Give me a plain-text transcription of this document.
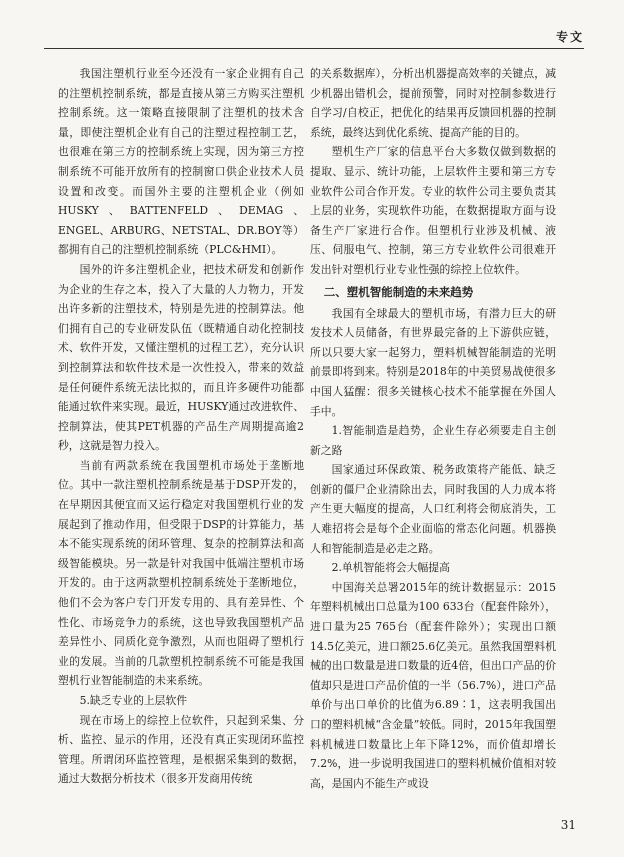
专文

我国注塑机行业至今还没有一家企业拥有自己的注塑机控制系统，都是直接从第三方购买注塑机控制系统。这一策略直接限制了注塑机的技术含量，即使注塑机企业有自己的注塑过程控制工艺，也很难在第三方的控制系统上实现，因为第三方控制系统不可能开放所有的控制窗口供企业技术人员设置和改变。而国外主要的注塑机企业（例如HUSKY、BATTENFELD、DEMAG、ENGEL、ARBURG、NETSTAL、DR.BOY等）都拥有自己的注塑机控制系统（PLC&HMI）。

国外的许多注塑机企业，把技术研发和创新作为企业的生存之本，投入了大量的人力物力，开发出许多新的注塑技术，特别是先进的控制算法。他们拥有自己的专业研发队伍（既精通自动化控制技术、软件开发，又懂注塑机的过程工艺），充分认识到控制算法和软件技术是一次性投入，带来的效益是任何硬件系统无法比拟的，而且许多硬件功能都能通过软件来实现。最近，HUSKY通过改进软件、控制算法，使其PET机器的产品生产周期提高逾2秒，这就是智力投入。

当前有两款系统在我国塑机市场处于垄断地位。其中一款注塑机控制系统是基于DSP开发的，在早期因其便宜而又运行稳定对我国塑机行业的发展起到了推动作用，但受限于DSP的计算能力，基本不能实现系统的闭环管理、复杂的控制算法和高级智能模块。另一款是针对我国中低端注塑机市场开发的。由于这两款塑机控制系统处于垄断地位，他们不会为客户专门开发专用的、具有差异性、个性化、市场竞争力的系统，这也导致我国塑机产品差异性小、同质化竞争激烈，从而也阻碍了塑机行业的发展。当前的几款塑机控制系统不可能是我国塑机行业智能制造的未来系统。

5.缺乏专业的上层软件

现在市场上的综控上位软件，只起到采集、分析、监控、显示的作用，还没有真正实现闭环监控管理。所谓闭环监控管理，是根据采集到的数据，通过大数据分析技术（很多开发商用传统

的关系数据库），分析出机器提高效率的关键点，减少机器出错机会，提前预警，同时对控制参数进行自学习/自校正，把优化的结果再反馈回机器的控制系统，最终达到优化系统、提高产能的目的。

塑机生产厂家的信息平台大多数仅做到数据的提取、显示、统计功能，上层软件主要和第三方专业软件公司合作开发。专业的软件公司主要负责其上层的业务，实现软件功能，在数据提取方面与设备生产厂家进行合作。但塑机行业涉及机械、液压、伺服电气、控制，第三方专业软件公司很难开发出针对塑机行业专业性强的综控上位软件。

二、塑机智能制造的未来趋势

我国有全球最大的塑机市场，有潜力巨大的研发技术人员储备，有世界最完备的上下游供应链，所以只要大家一起努力，塑料机械智能制造的光明前景即将到来。特别是2018年的中美贸易战使很多中国人猛醒：很多关键核心技术不能掌握在外国人手中。

1.智能制造是趋势，企业生存必须要走自主创新之路

国家通过环保政策、税务政策将产能低、缺乏创新的僵尸企业清除出去，同时我国的人力成本将产生更大幅度的提高，人口红利将会彻底消失，工人难招将会是每个企业面临的常态化问题。机器换人和智能制造是必走之路。

2.单机智能将会大幅提高

中国海关总署2015年的统计数据显示：2015年塑料机械出口总量为100 633台（配套件除外），进口量为25 765台（配套件除外）；实现出口额14.5亿美元，进口额25.6亿美元。虽然我国塑料机械的出口数量是进口数量的近4倍，但出口产品的价值却只是进口产品价值的一半（56.7%），进口产品单价与出口单价的比值为6.89∶1，这表明我国出口的塑料机械“含金量”较低。同时，2015年我国塑料机械进口数量比上年下降12%，而价值却增长7.2%，进一步说明我国进口的塑料机械价值相对较高，是国内不能生产或设

31
